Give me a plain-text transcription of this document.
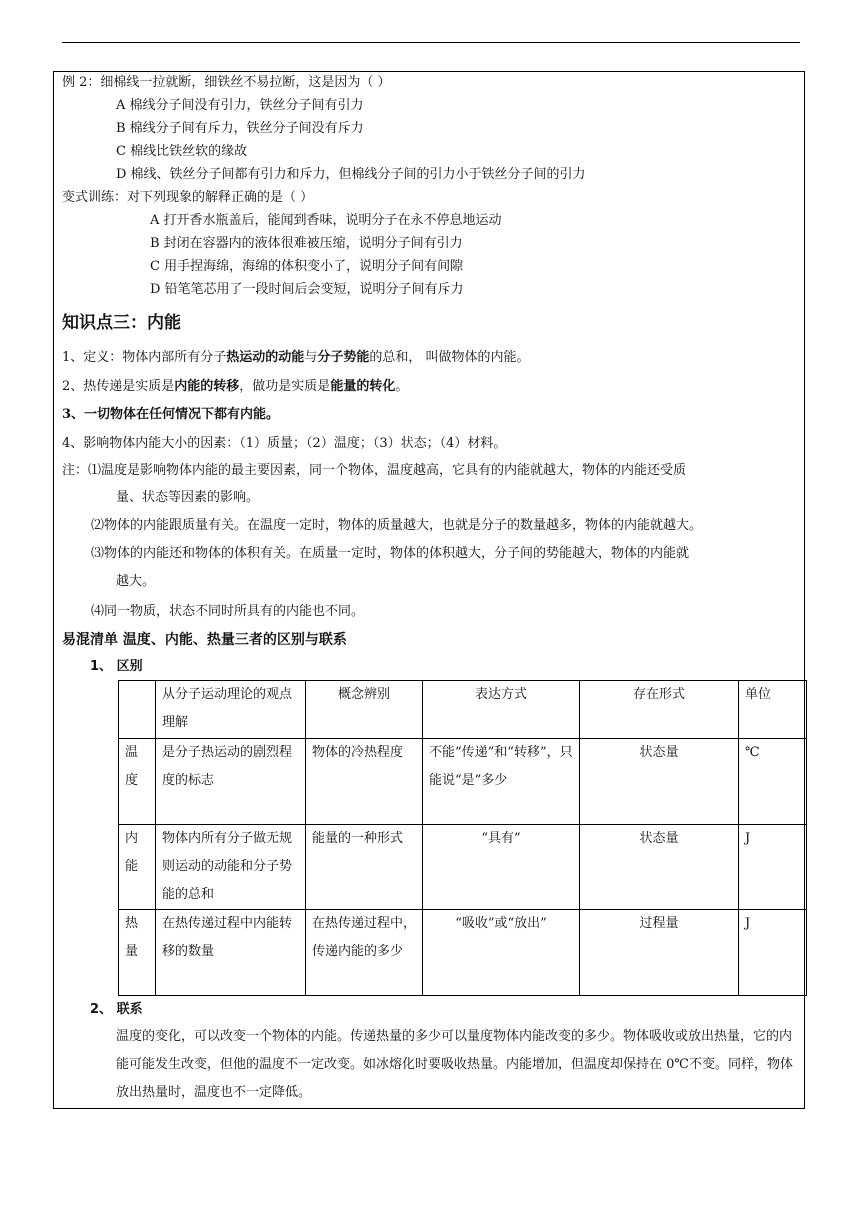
例 2：细棉线一拉就断，细铁丝不易拉断，这是因为（ ）
A 棉线分子间没有引力，铁丝分子间有引力
B 棉线分子间有斥力，铁丝分子间没有斥力
C 棉线比铁丝软的缘故
D 棉线、铁丝分子间都有引力和斥力，但棉线分子间的引力小于铁丝分子间的引力
变式训练：对下列现象的解释正确的是（ ）
A 打开香水瓶盖后，能闻到香味，说明分子在永不停息地运动
B 封闭在容器内的液体很难被压缩，说明分子间有引力
C 用手捏海绵，海绵的体积变小了，说明分子间有间隙
D 铅笔笔芯用了一段时间后会变短，说明分子间有斥力
知识点三：内能
1、定义：物体内部所有分子热运动的动能与分子势能的总和， 叫做物体的内能。
2、热传递是实质是内能的转移，做功是实质是能量的转化。
3、一切物体在任何情况下都有内能。
4、影响物体内能大小的因素：（1）质量；（2）温度；（3）状态；（4）材料。
注：⑴温度是影响物体内能的最主要因素，同一个物体，温度越高，它具有的内能就越大，物体的内能还受质
量、状态等因素的影响。
⑵物体的内能跟质量有关。在温度一定时，物体的质量越大，也就是分子的数量越多，物体的内能就越大。
⑶物体的内能还和物体的体积有关。在质量一定时，物体的体积越大，分子间的势能越大，物体的内能就
越大。
⑷同一物质，状态不同时所具有的内能也不同。
易混清单 温度、内能、热量三者的区别与联系
1、 区别
	从分子运动理论的观点理解	概念辨别	表达方式	存在形式	单位
温度	是分子热运动的剧烈程度的标志	物体的冷热程度	不能“传递”和“转移”，只能说“是”多少	状态量	℃
内能	物体内所有分子做无规则运动的动能和分子势能的总和	能量的一种形式	“具有”	状态量	J
热量	在热传递过程中内能转移的数量	在热传递过程中，传递内能的多少	“吸收”或“放出”	过程量	J
2、 联系
温度的变化，可以改变一个物体的内能。传递热量的多少可以量度物体内能改变的多少。物体吸收或放出热量，它的内能可能发生改变，但他的温度不一定改变。如冰熔化时要吸收热量。内能增加，但温度却保持在 0℃不变。同样，物体放出热量时，温度也不一定降低。
